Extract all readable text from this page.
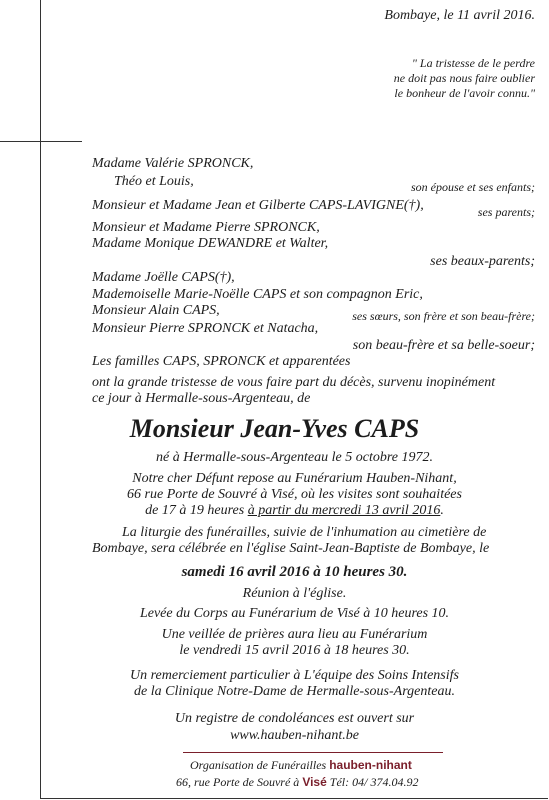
Bombaye, le 11 avril 2016.
" La tristesse de le perdre
ne doit pas nous faire oublier
le bonheur de l'avoir connu."
Madame Valérie SPRONCK,
Théo et Louis,	son épouse et ses enfants;
Monsieur et Madame Jean et Gilberte CAPS-LAVIGNE(†),	ses parents;
Monsieur et Madame Pierre SPRONCK,
Madame Monique DEWANDRE et Walter,
ses beaux-parents;
Madame Joëlle CAPS(†),
Mademoiselle Marie-Noëlle CAPS et son compagnon Eric,
Monsieur Alain CAPS,	ses sœurs, son frère et son beau-frère;
Monsieur Pierre SPRONCK et Natacha,
son beau-frère et sa belle-soeur;
Les familles CAPS, SPRONCK et apparentées
ont la grande tristesse de vous faire part du décès, survenu inopinément
ce jour à Hermalle-sous-Argenteau, de
Monsieur Jean-Yves CAPS
né à Hermalle-sous-Argenteau le 5 octobre 1972.
Notre cher Défunt repose au Funérarium Hauben-Nihant,
66 rue Porte de Souvré à Visé, où les visites sont souhaitées
de 17 à 19 heures à partir du mercredi 13 avril 2016.
La liturgie des funérailles, suivie de l'inhumation au cimetière de
Bombaye, sera célébrée en l'église Saint-Jean-Baptiste de Bombaye, le
samedi 16 avril 2016 à 10 heures 30.
Réunion à l'église.
Levée du Corps au Funérarium de Visé à 10 heures 10.
Une veillée de prières aura lieu au Funérarium
le vendredi 15 avril 2016 à 18 heures 30.
Un remerciement particulier à L'équipe des Soins Intensifs
de la Clinique Notre-Dame de Hermalle-sous-Argenteau.
Un registre de condoléances est ouvert sur
www.hauben-nihant.be
Organisation de Funérailles hauben-nihant
66, rue Porte de Souvré à Visé Tél: 04/ 374.04.92
